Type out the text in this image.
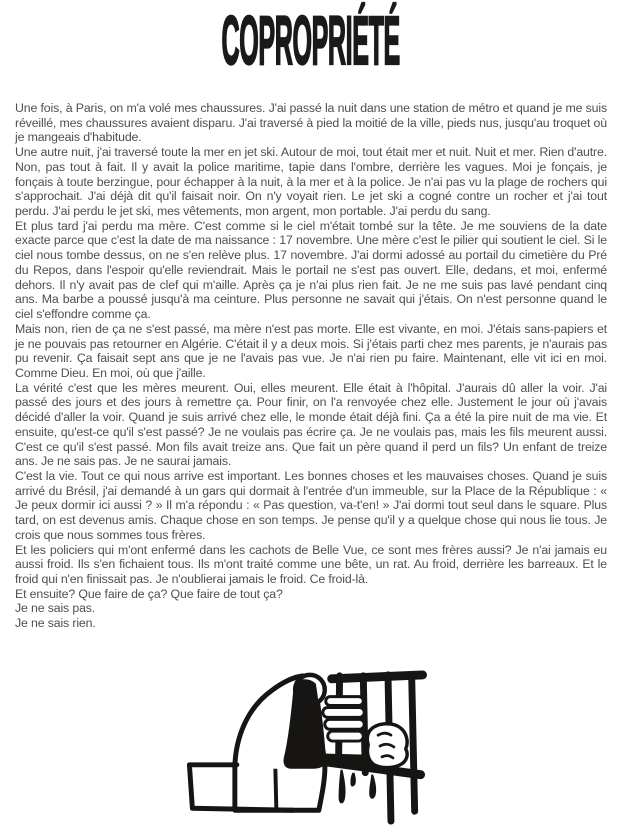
COPROPRIÉTÉ

Une fois, à Paris, on m'a volé mes chaussures. J'ai passé la nuit dans une station de métro et quand je me suis réveillé, mes chaussures avaient disparu. J'ai traversé à pied la moitié de la ville, pieds nus, jusqu'au troquet où je mangeais d'habitude.

Une autre nuit, j'ai traversé toute la mer en jet ski. Autour de moi, tout était mer et nuit. Nuit et mer. Rien d'autre. Non, pas tout à fait. Il y avait la police maritime, tapie dans l'ombre, derrière les vagues. Moi je fonçais, je fonçais à toute berzingue, pour échapper à la nuit, à la mer et à la police. Je n'ai pas vu la plage de rochers qui s'approchait. J'ai déjà dit qu'il faisait noir. On n'y voyait rien. Le jet ski a cogné contre un rocher et j'ai tout perdu. J'ai perdu le jet ski, mes vêtements, mon argent, mon portable. J'ai perdu du sang.

Et plus tard j'ai perdu ma mère. C'est comme si le ciel m'était tombé sur la tête. Je me souviens de la date exacte parce que c'est la date de ma naissance : 17 novembre. Une mère c'est le pilier qui soutient le ciel. Si le ciel nous tombe dessus, on ne s'en relève plus. 17 novembre. J'ai dormi adossé au portail du cimetière du Pré du Repos, dans l'espoir qu'elle reviendrait. Mais le portail ne s'est pas ouvert. Elle, dedans, et moi, enfermé dehors. Il n'y avait pas de clef qui m'aille. Après ça je n'ai plus rien fait. Je ne me suis pas lavé pendant cinq ans. Ma barbe a poussé jusqu'à ma ceinture. Plus personne ne savait qui j'étais. On n'est personne quand le ciel s'effondre comme ça.

Mais non, rien de ça ne s'est passé, ma mère n'est pas morte. Elle est vivante, en moi. J'étais sans-papiers et je ne pouvais pas retourner en Algérie. C'était il y a deux mois. Si j'étais parti chez mes parents, je n'aurais pas pu revenir. Ça faisait sept ans que je ne l'avais pas vue. Je n'ai rien pu faire. Maintenant, elle vit ici en moi. Comme Dieu. En moi, où que j'aille.

La vérité c'est que les mères meurent. Oui, elles meurent. Elle était à l'hôpital. J'aurais dû aller la voir. J'ai passé des jours et des jours à remettre ça. Pour finir, on l'a renvoyée chez elle. Justement le jour où j'avais décidé d'aller la voir. Quand je suis arrivé chez elle, le monde était déjà fini. Ça a été la pire nuit de ma vie. Et ensuite, qu'est-ce qu'il s'est passé? Je ne voulais pas écrire ça. Je ne voulais pas, mais les fils meurent aussi. C'est ce qu'il s'est passé. Mon fils avait treize ans. Que fait un père quand il perd un fils? Un enfant de treize ans. Je ne sais pas. Je ne saurai jamais.

C'est la vie. Tout ce qui nous arrive est important. Les bonnes choses et les mauvaises choses. Quand je suis arrivé du Brésil, j'ai demandé à un gars qui dormait à l'entrée d'un immeuble, sur la Place de la République : « Je peux dormir ici aussi ? » Il m'a répondu : « Pas question, va-t'en! » J'ai dormi tout seul dans le square. Plus tard, on est devenus amis. Chaque chose en son temps. Je pense qu'il y a quelque chose qui nous lie tous. Je crois que nous sommes tous frères.

Et les policiers qui m'ont enfermé dans les cachots de Belle Vue, ce sont mes frères aussi? Je n'ai jamais eu aussi froid. Ils s'en fichaient tous. Ils m'ont traité comme une bête, un rat. Au froid, derrière les barreaux. Et le froid qui n'en finissait pas. Je n'oublierai jamais le froid. Ce froid-là.

Et ensuite? Que faire de ça? Que faire de tout ça?

Je ne sais pas.

Je ne sais rien.
